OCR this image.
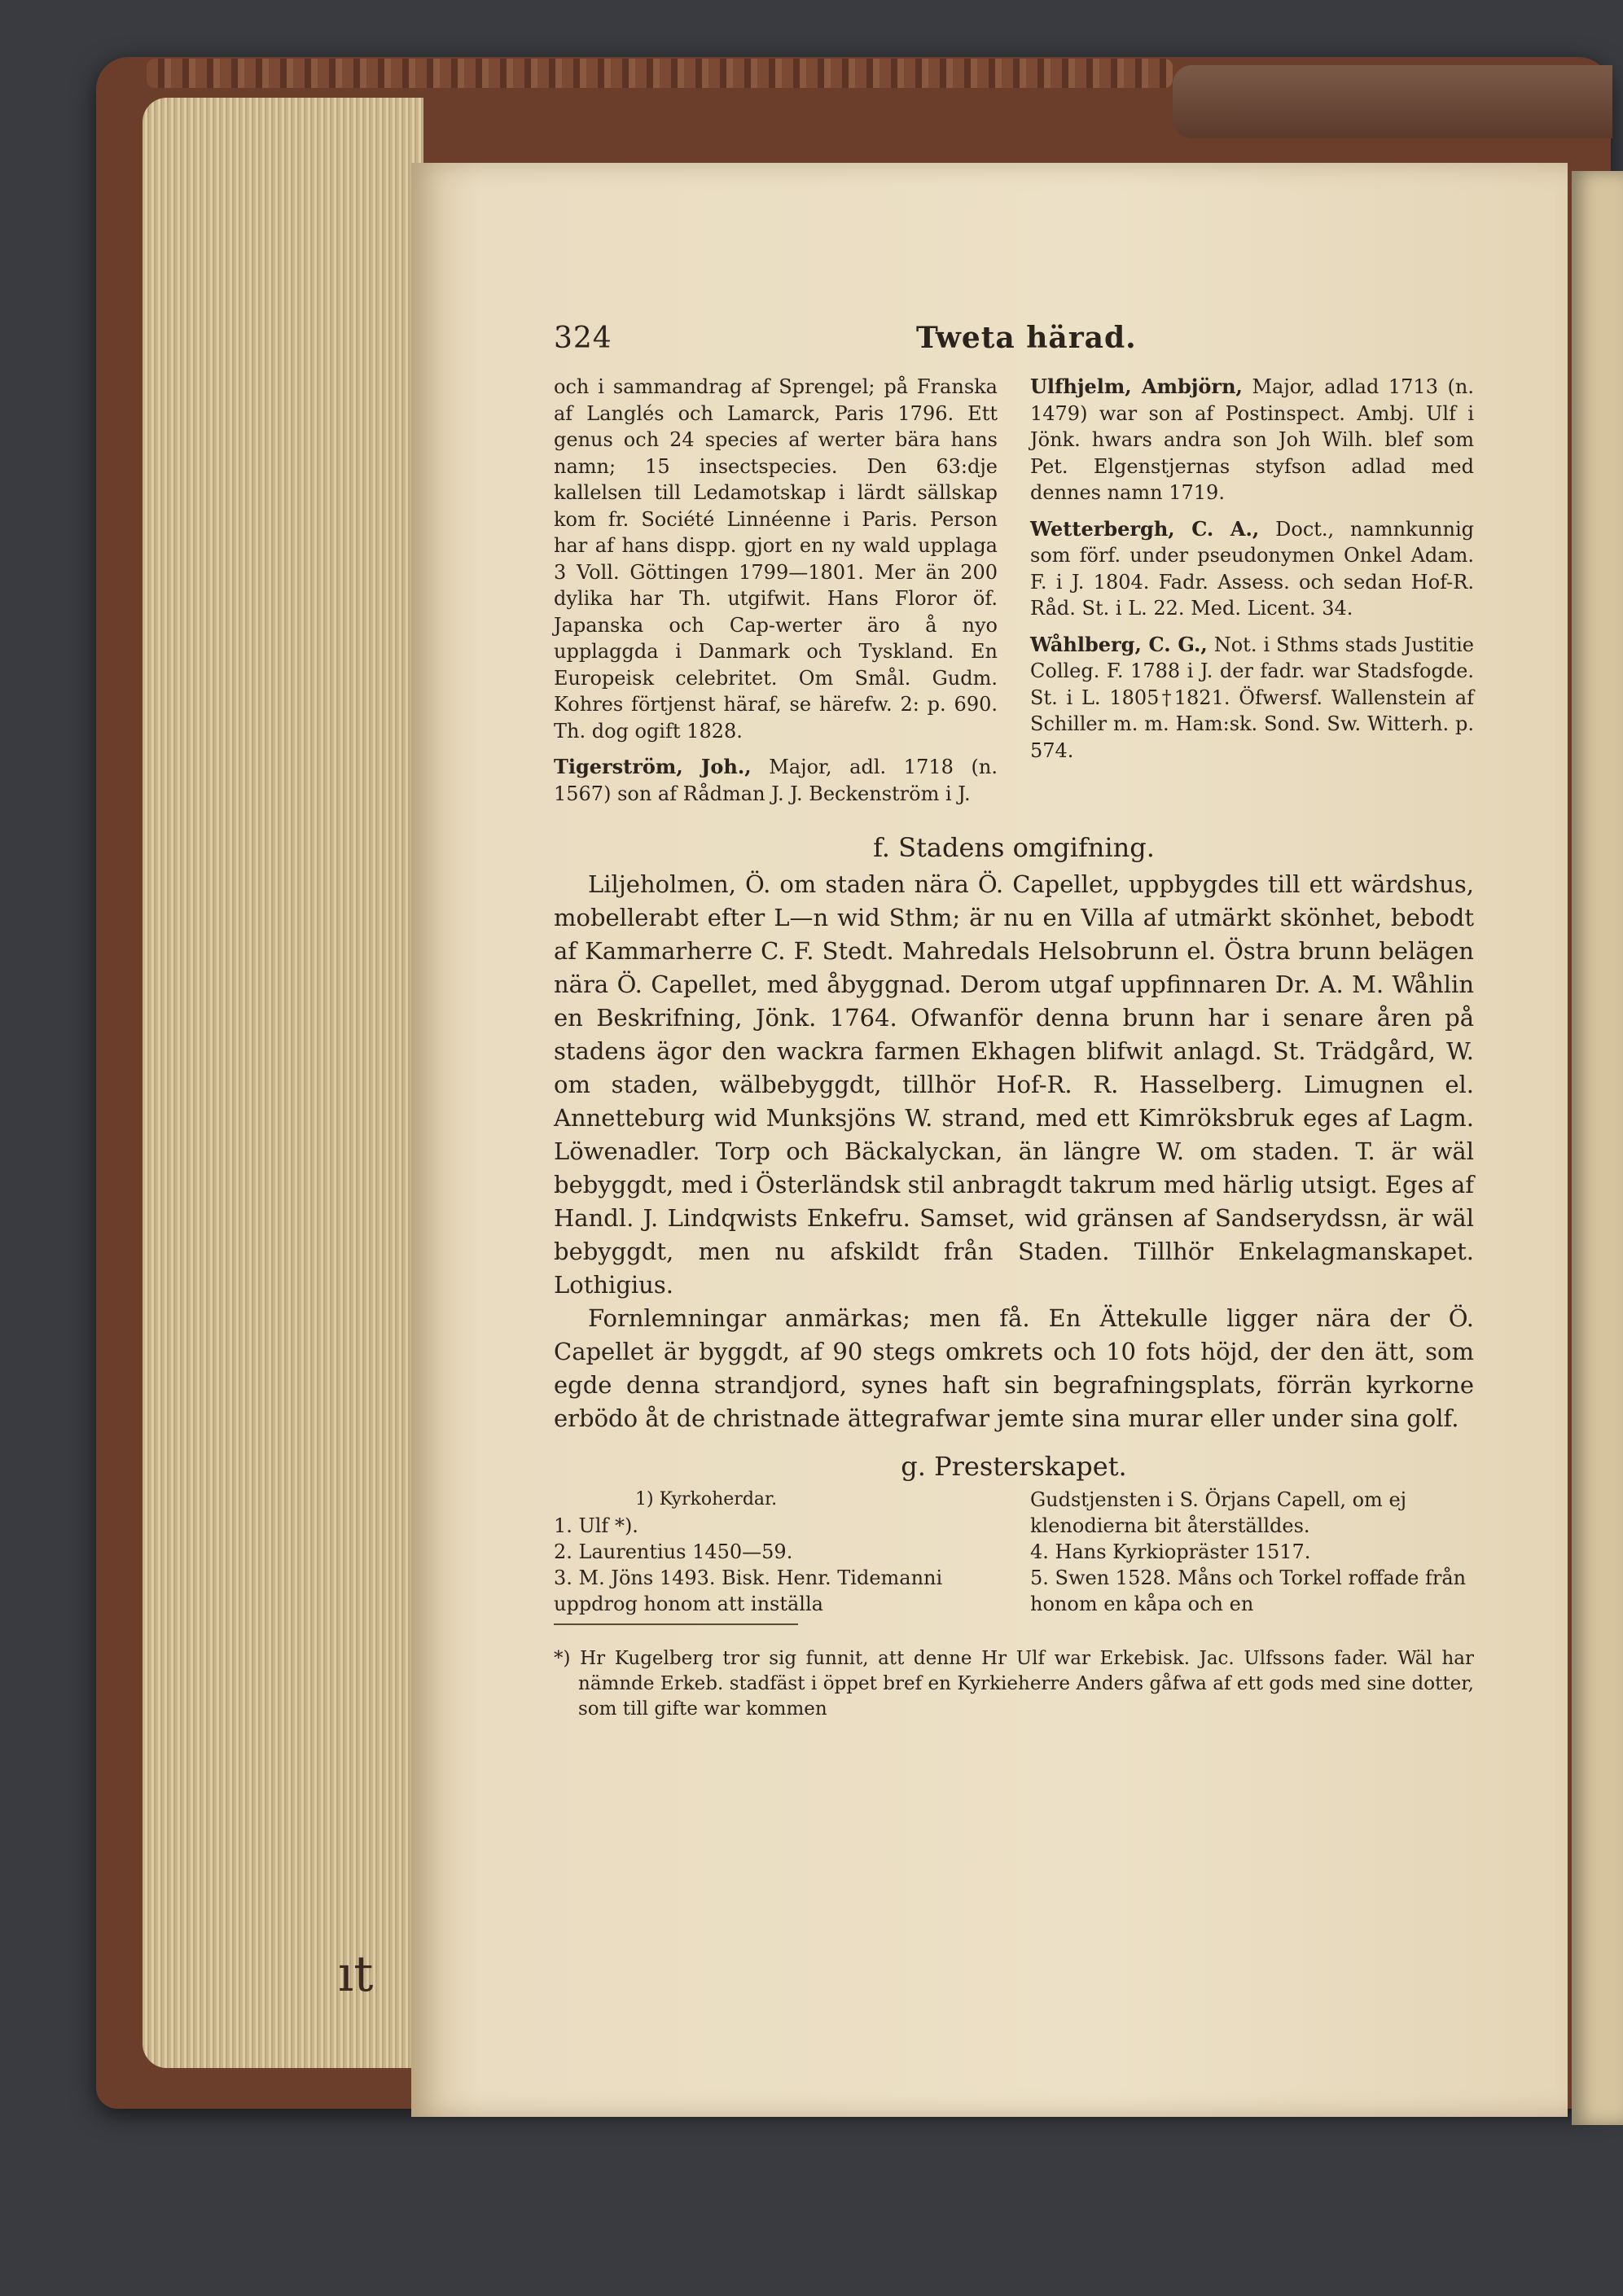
324	Tweta härad.

och i sammandrag af Sprengel; på Franska af Langlés och Lamarck, Paris 1796. Ett genus och 24 species af werter bära hans namn; 15 insectspecies. Den 63:dje kallelsen till Ledamotskap i lärdt sällskap kom fr. Société Linnéenne i Paris. Person har af hans dispp. gjort en ny wald upplaga 3 Voll. Göttingen 1799—1801. Mer än 200 dylika har Th. utgifwit. Hans Floror öf. Japanska och Cap-werter äro å nyo upplaggda i Danmark och Tyskland. En Europeisk celebritet. Om Smål. Gudm. Kohres förtjenst häraf, se härefw. 2: p. 690. Th. dog ogift 1828.

Tigerström, Joh., Major, adl. 1718 (n. 1567) son af Rådman J. J. Beckenström i J.

Ulfhjelm, Ambjörn, Major, adlad 1713 (n. 1479) war son af Postinspect. Ambj. Ulf i Jönk. hwars andra son Joh Wilh. blef som Pet. Elgenstjernas styfson adlad med dennes namn 1719.

Wetterbergh, C. A., Doct., namnkunnig som förf. under pseudonymen Onkel Adam. F. i J. 1804. Fadr. Assess. och sedan Hof-R. Råd. St. i L. 22. Med. Licent. 34.

Wåhlberg, C. G., Not. i Sthms stads Justitie Colleg. F. 1788 i J. der fadr. war Stadsfogde. St. i L. 1805†1821. Öfwersf. Wallenstein af Schiller m. m. Ham:sk. Sond. Sw. Witterh. p. 574.

f. Stadens omgifning.

Liljeholmen, Ö. om staden nära Ö. Capellet, uppbygdes till ett wärdshus, mobellerabt efter L—n wid Sthm; är nu en Villa af utmärkt skönhet, bebodt af Kammarherre C. F. Stedt. Mahredals Helsobrunn el. Östra brunn belägen nära Ö. Capellet, med åbyggnad. Derom utgaf uppfinnaren Dr. A. M. Wåhlin en Beskrifning, Jönk. 1764. Ofwanför denna brunn har i senare åren på stadens ägor den wackra farmen Ekhagen blifwit anlagd. St. Trädgård, W. om staden, wälbebyggdt, tillhör Hof-R. R. Hasselberg. Limugnen el. Annetteburg wid Munksjöns W. strand, med ett Kimröksbruk eges af Lagm. Löwenadler. Torp och Bäckalyckan, än längre W. om staden. T. är wäl bebyggdt, med i Österländsk stil anbragdt takrum med härlig utsigt. Eges af Handl. J. Lindqwists Enkefru. Samset, wid gränsen af Sandserydssn, är wäl bebyggdt, men nu afskildt från Staden. Tillhör Enkelagmanskapet. Lothigius.

Fornlemningar anmärkas; men få. En Ättekulle ligger nära der Ö. Capellet är byggdt, af 90 stegs omkrets och 10 fots höjd, der den ätt, som egde denna strandjord, synes haft sin begrafningsplats, förrän kyrkorne erbödo åt de christnade ättegrafwar jemte sina murar eller under sina golf.

g. Presterskapet.
1) Kyrkoherdar.
1. Ulf *).
2. Laurentius 1450—59.
3. M. Jöns 1493. Bisk. Henr. Tidemanni uppdrog honom att inställa
Gudstjensten i S. Örjans Capell, om ej klenodierna bit återställdes.
4. Hans Kyrkiopräster 1517.
5. Swen 1528. Måns och Torkel roffade från honom en kåpa och en

*) Hr Kugelberg tror sig funnit, att denne Hr Ulf war Erkebisk. Jac. Ulfssons fader. Wäl har nämnde Erkeb. stadfäst i öppet bref en Kyrkieherre Anders gåfwa af ett gods med sine dotter, som till gifte war kommen

ıt
